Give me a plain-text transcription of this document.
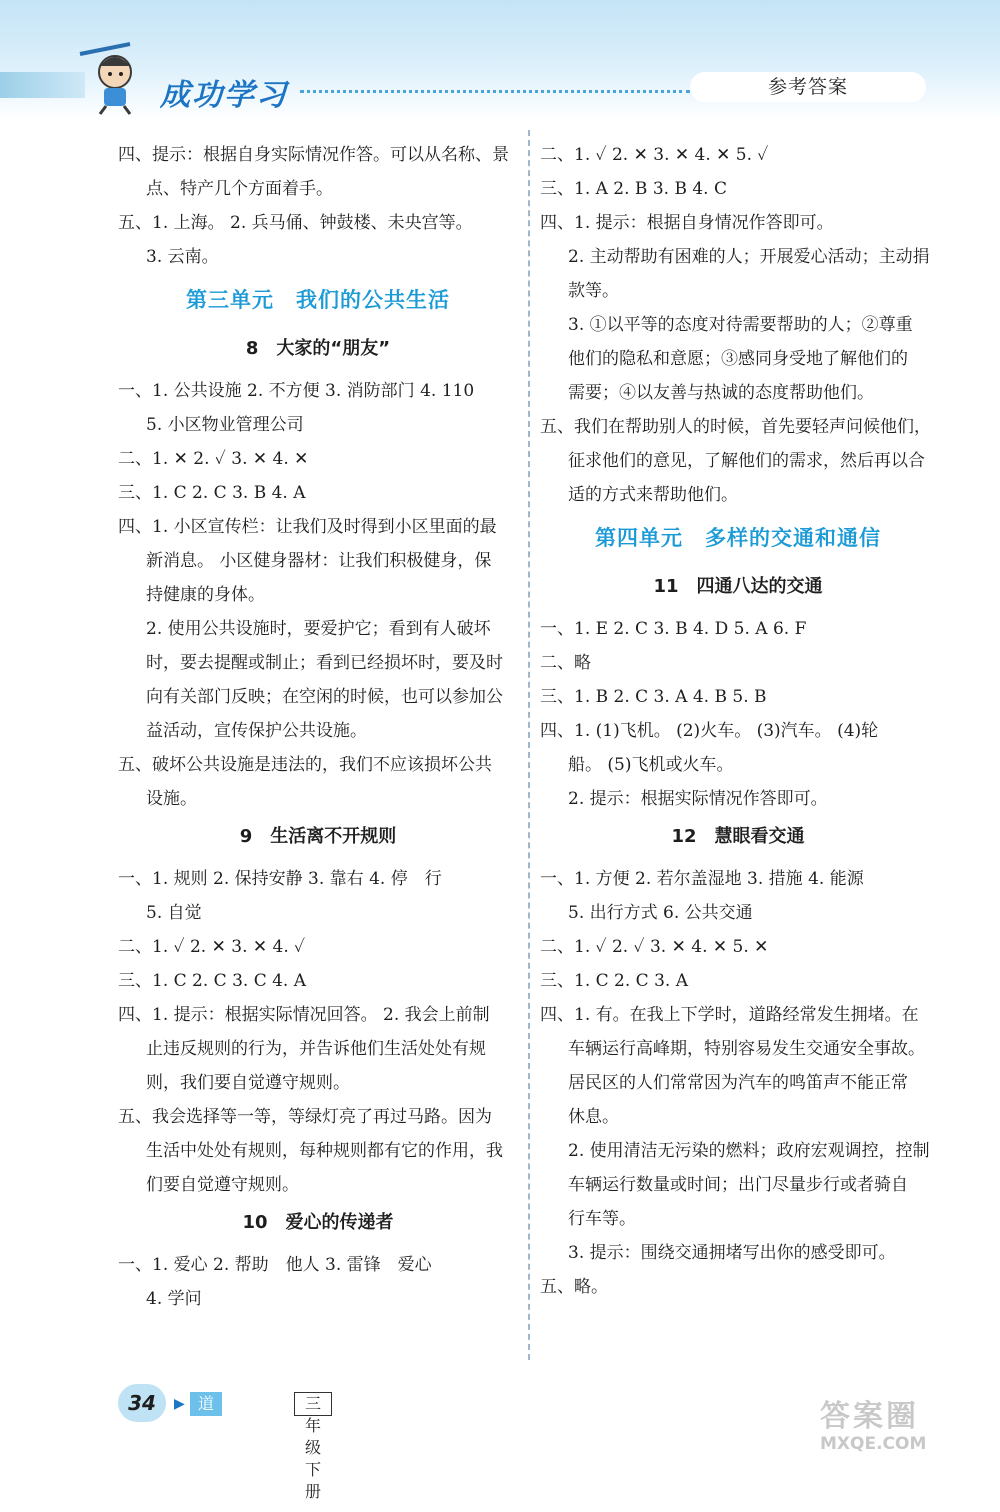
成功学习	参考答案
四、提示：根据自身实际情况作答。可以从名称、景
点、特产几个方面着手。
五、1. 上海。 2. 兵马俑、钟鼓楼、未央宫等。
3. 云南。
第三单元　我们的公共生活
8　大家的“朋友”
一、1. 公共设施 2. 不方便 3. 消防部门 4. 110
5. 小区物业管理公司
二、1. ✕ 2. ✓ 3. ✕ 4. ✕
三、1. C 2. C 3. B 4. A
四、1. 小区宣传栏：让我们及时得到小区里面的最
新消息。 小区健身器材：让我们积极健身，保
持健康的身体。
2. 使用公共设施时，要爱护它；看到有人破坏
时，要去提醒或制止；看到已经损坏时，要及时
向有关部门反映；在空闲的时候，也可以参加公
益活动，宣传保护公共设施。
五、破坏公共设施是违法的，我们不应该损坏公共
设施。
9　生活离不开规则
一、1. 规则 2. 保持安静 3. 靠右 4. 停　行
5. 自觉
二、1. ✓ 2. ✕ 3. ✕ 4. ✓
三、1. C 2. C 3. C 4. A
四、1. 提示：根据实际情况回答。 2. 我会上前制
止违反规则的行为，并告诉他们生活处处有规
则，我们要自觉遵守规则。
五、我会选择等一等，等绿灯亮了再过马路。因为
生活中处处有规则，每种规则都有它的作用，我
们要自觉遵守规则。
10　爱心的传递者
一、1. 爱心 2. 帮助　他人 3. 雷锋　爱心
4. 学问
二、1. ✓ 2. ✕ 3. ✕ 4. ✕ 5. ✓
三、1. A 2. B 3. B 4. C
四、1. 提示：根据自身情况作答即可。
2. 主动帮助有困难的人；开展爱心活动；主动捐
款等。
3. ①以平等的态度对待需要帮助的人；②尊重
他们的隐私和意愿；③感同身受地了解他们的
需要；④以友善与热诚的态度帮助他们。
五、我们在帮助别人的时候，首先要轻声问候他们，
征求他们的意见，了解他们的需求，然后再以合
适的方式来帮助他们。
第四单元　多样的交通和通信
11　四通八达的交通
一、1. E 2. C 3. B 4. D 5. A 6. F
二、略
三、1. B 2. C 3. A 4. B 5. B
四、1. (1)飞机。 (2)火车。 (3)汽车。 (4)轮
船。 (5)飞机或火车。
2. 提示：根据实际情况作答即可。
12　慧眼看交通
一、1. 方便 2. 若尔盖湿地 3. 措施 4. 能源
5. 出行方式 6. 公共交通
二、1. ✓ 2. ✓ 3. ✕ 4. ✕ 5. ✕
三、1. C 2. C 3. A
四、1. 有。在我上下学时，道路经常发生拥堵。在
车辆运行高峰期，特别容易发生交通安全事故。
居民区的人们常常因为汽车的鸣笛声不能正常
休息。
2. 使用清洁无污染的燃料；政府宏观调控，控制
车辆运行数量或时间；出门尽量步行或者骑自
行车等。
3. 提示：围绕交通拥堵写出你的感受即可。
五、略。
34	▶ 道德与法治
三年级下册
答案圈
MXQE.COM
